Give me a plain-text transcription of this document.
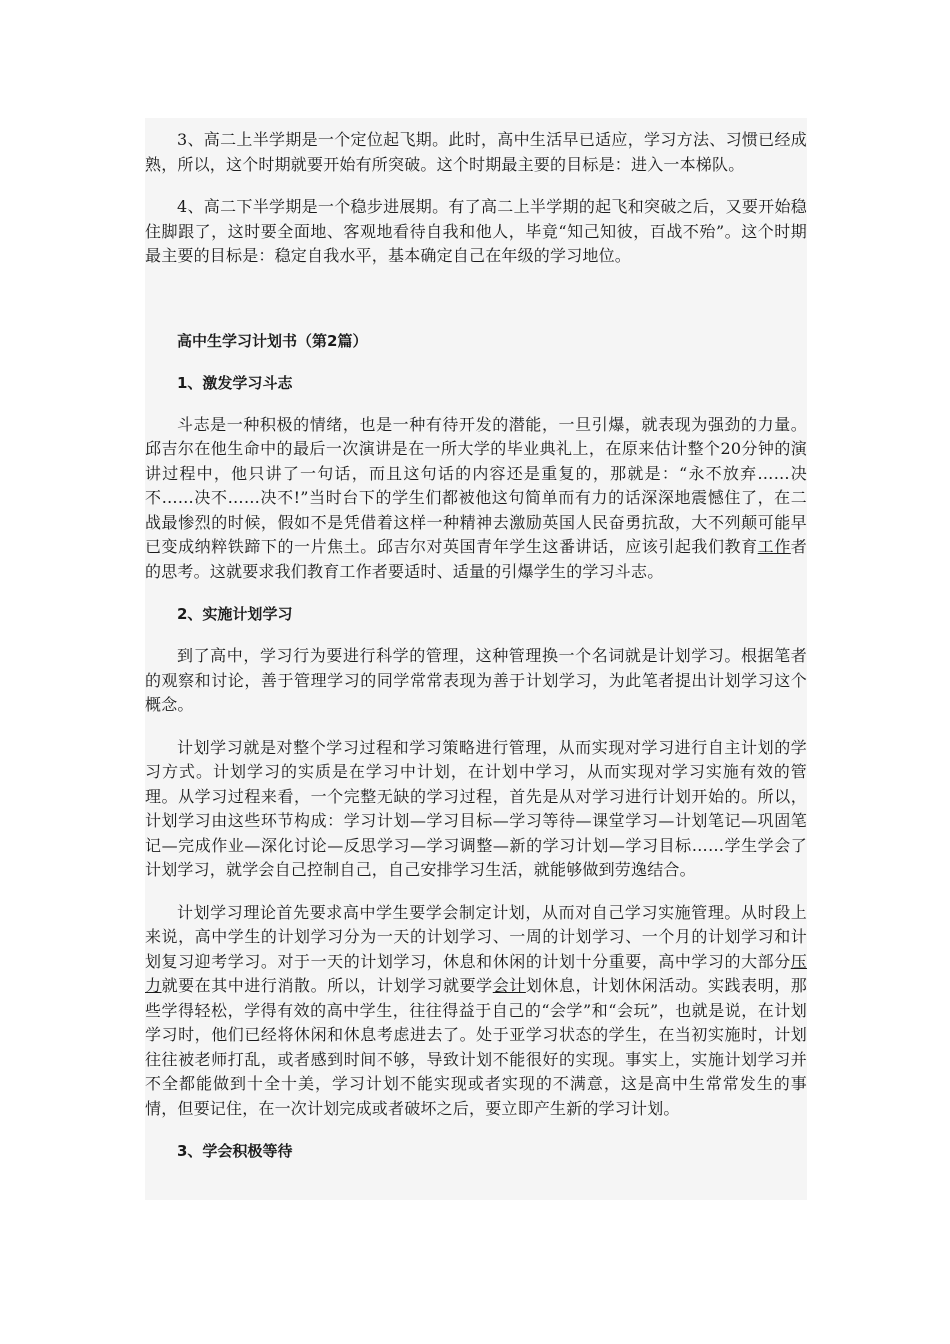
3、高二上半学期是一个定位起飞期。此时，高中生活早已适应，学习方法、习惯已经成熟，所以，这个时期就要开始有所突破。这个时期最主要的目标是：进入一本梯队。

4、高二下半学期是一个稳步进展期。有了高二上半学期的起飞和突破之后，又要开始稳住脚跟了，这时要全面地、客观地看待自我和他人，毕竟“知己知彼，百战不殆”。这个时期最主要的目标是：稳定自我水平，基本确定自己在年级的学习地位。

高中生学习计划书（第2篇）
1、激发学习斗志

斗志是一种积极的情绪，也是一种有待开发的潜能，一旦引爆，就表现为强劲的力量。邱吉尔在他生命中的最后一次演讲是在一所大学的毕业典礼上，在原来估计整个20分钟的演讲过程中，他只讲了一句话，而且这句话的内容还是重复的，那就是：“永不放弃……决不……决不……决不!”当时台下的学生们都被他这句简单而有力的话深深地震憾住了，在二战最惨烈的时候，假如不是凭借着这样一种精神去激励英国人民奋勇抗敌，大不列颠可能早已变成纳粹铁蹄下的一片焦土。邱吉尔对英国青年学生这番讲话，应该引起我们教育工作者的思考。这就要求我们教育工作者要适时、适量的引爆学生的学习斗志。

2、实施计划学习

到了高中，学习行为要进行科学的管理，这种管理换一个名词就是计划学习。根据笔者的观察和讨论，善于管理学习的同学常常表现为善于计划学习，为此笔者提出计划学习这个概念。

计划学习就是对整个学习过程和学习策略进行管理，从而实现对学习进行自主计划的学习方式。计划学习的实质是在学习中计划，在计划中学习，从而实现对学习实施有效的管理。从学习过程来看，一个完整无缺的学习过程，首先是从对学习进行计划开始的。所以，计划学习由这些环节构成：学习计划—学习目标—学习等待—课堂学习—计划笔记—巩固笔记—完成作业—深化讨论—反思学习—学习调整—新的学习计划—学习目标……学生学会了计划学习，就学会自己控制自己，自己安排学习生活，就能够做到劳逸结合。

计划学习理论首先要求高中学生要学会制定计划，从而对自己学习实施管理。从时段上来说，高中学生的计划学习分为一天的计划学习、一周的计划学习、一个月的计划学习和计划复习迎考学习。对于一天的计划学习，休息和休闲的计划十分重要，高中学习的大部分压力就要在其中进行消散。所以，计划学习就要学会计划休息，计划休闲活动。实践表明，那些学得轻松，学得有效的高中学生，往往得益于自己的“会学”和“会玩”，也就是说，在计划学习时，他们已经将休闲和休息考虑进去了。处于亚学习状态的学生，在当初实施时，计划往往被老师打乱，或者感到时间不够，导致计划不能很好的实现。事实上，实施计划学习并不全都能做到十全十美，学习计划不能实现或者实现的不满意，这是高中生常常发生的事情，但要记住，在一次计划完成或者破坏之后，要立即产生新的学习计划。

3、学会积极等待
